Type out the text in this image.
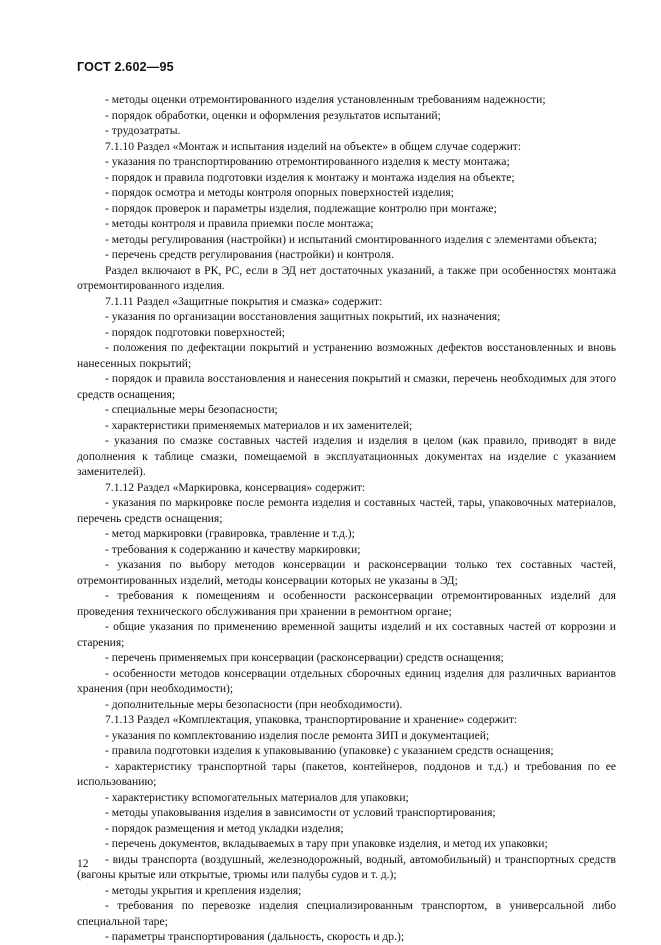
ГОСТ 2.602—95

- методы оценки отремонтированного изделия установленным требованиям надежности;

- порядок обработки, оценки и оформления результатов испытаний;

- трудозатраты.

7.1.10 Раздел «Монтаж и испытания изделий на объекте» в общем случае содержит:

- указания по транспортированию отремонтированного изделия к месту монтажа;

- порядок и правила подготовки изделия к монтажу и монтажа изделия на объекте;

- порядок осмотра и методы контроля опорных поверхностей изделия;

- порядок проверок и параметры изделия, подлежащие контролю при монтаже;

- методы контроля и правила приемки после монтажа;

- методы регулирования (настройки) и испытаний смонтированного изделия с элементами объекта;

- перечень средств регулирования (настройки) и контроля.

Раздел включают в РК, РС, если в ЭД нет достаточных указаний, а также при особенностях монтажа отремонтированного изделия.

7.1.11 Раздел «Защитные покрытия и смазка» содержит:

- указания по организации восстановления защитных покрытий, их назначения;

- порядок подготовки поверхностей;

- положения по дефектации покрытий и устранению возможных дефектов восстановленных и вновь нанесенных покрытий;

- порядок и правила восстановления и нанесения покрытий и смазки, перечень необходимых для этого средств оснащения;

- специальные меры безопасности;

- характеристики применяемых материалов и их заменителей;

- указания по смазке составных частей изделия и изделия в целом (как правило, приводят в виде дополнения к таблице смазки, помещаемой в эксплуатационных документах на изделие с указанием заменителей).

7.1.12 Раздел «Маркировка, консервация» содержит:

- указания по маркировке после ремонта изделия и составных частей, тары, упаковочных материалов, перечень средств оснащения;

- метод маркировки (гравировка, травление и т.д.);

- требования к содержанию и качеству маркировки;

- указания по выбору методов консервации и расконсервации только тех составных частей, отремонтированных изделий, методы консервации которых не указаны в ЭД;

- требования к помещениям и особенности расконсервации отремонтированных изделий для проведения технического обслуживания при хранении в ремонтном органе;

- общие указания по применению временной защиты изделий и их составных частей от коррозии и старения;

- перечень применяемых при консервации (расконсервации) средств оснащения;

- особенности методов консервации отдельных сборочных единиц изделия для различных вариантов хранения (при необходимости);

- дополнительные меры безопасности (при необходимости).

7.1.13 Раздел «Комплектация, упаковка, транспортирование и хранение» содержит:

- указания по комплектованию изделия после ремонта ЗИП и документацией;

- правила подготовки изделия к упаковыванию (упаковке) с указанием средств оснащения;

- характеристику транспортной тары (пакетов, контейнеров, поддонов и т.д.) и требования по ее использованию;

- характеристику вспомогательных материалов для упаковки;

- методы упаковывания изделия в зависимости от условий транспортирования;

- порядок размещения и метод укладки изделия;

- перечень документов, вкладываемых в тару при упаковке изделия, и метод их упаковки;

- виды транспорта (воздушный, железнодорожный, водный, автомобильный) и транспортных средств (вагоны крытые или открытые, трюмы или палубы судов и т. д.);

- методы укрытия и крепления изделия;

- требования по перевозке изделия специализированным транспортом, в универсальной либо специальной таре;

- параметры транспортирования (дальность, скорость и др.);

12
